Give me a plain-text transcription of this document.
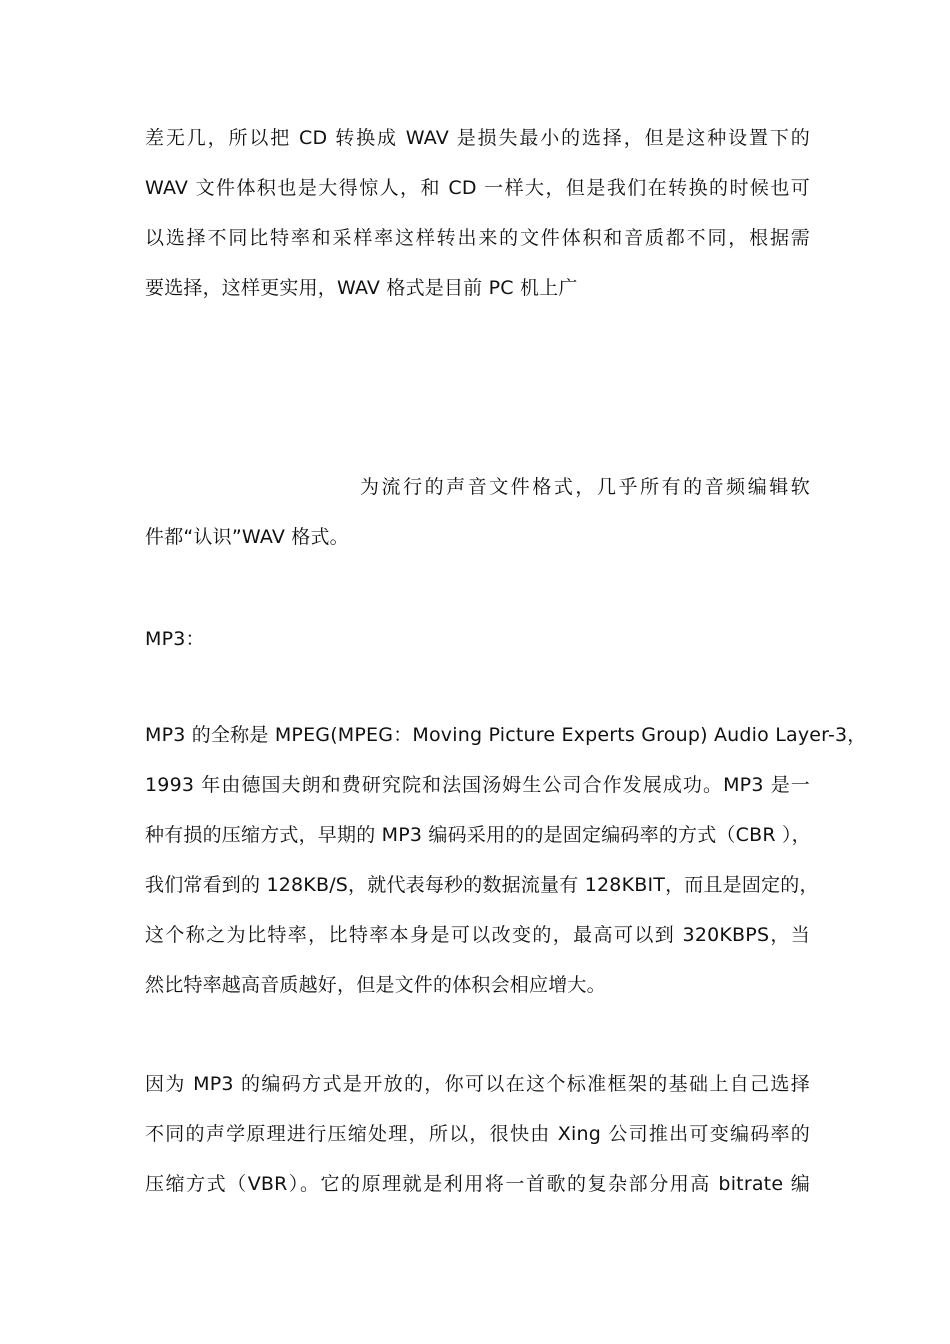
差无几，所以把 CD 转换成 WAV 是损失最小的选择，但是这种设置下的
WAV 文件体积也是大得惊人，和 CD 一样大，但是我们在转换的时候也可
以选择不同比特率和采样率这样转出来的文件体积和音质都不同，根据需
要选择，这样更实用，WAV 格式是目前 PC 机上广
为流行的声音文件格式，几乎所有的音频编辑软
件都“认识”WAV 格式。
MP3：
MP3 的全称是 MPEG(MPEG：Moving Picture Experts Group) Audio Layer-3，
1993 年由德国夫朗和费研究院和法国汤姆生公司合作发展成功。MP3 是一
种有损的压缩方式，早期的 MP3 编码采用的的是固定编码率的方式（CBR ），
我们常看到的 128KB/S，就代表每秒的数据流量有 128KBIT，而且是固定的，
这个称之为比特率，比特率本身是可以改变的，最高可以到 320KBPS，当
然比特率越高音质越好，但是文件的体积会相应增大。
因为 MP3 的编码方式是开放的，你可以在这个标准框架的基础上自己选择
不同的声学原理进行压缩处理，所以，很快由 Xing 公司推出可变编码率的
压缩方式（VBR）。它的原理就是利用将一首歌的复杂部分用高 bitrate 编
